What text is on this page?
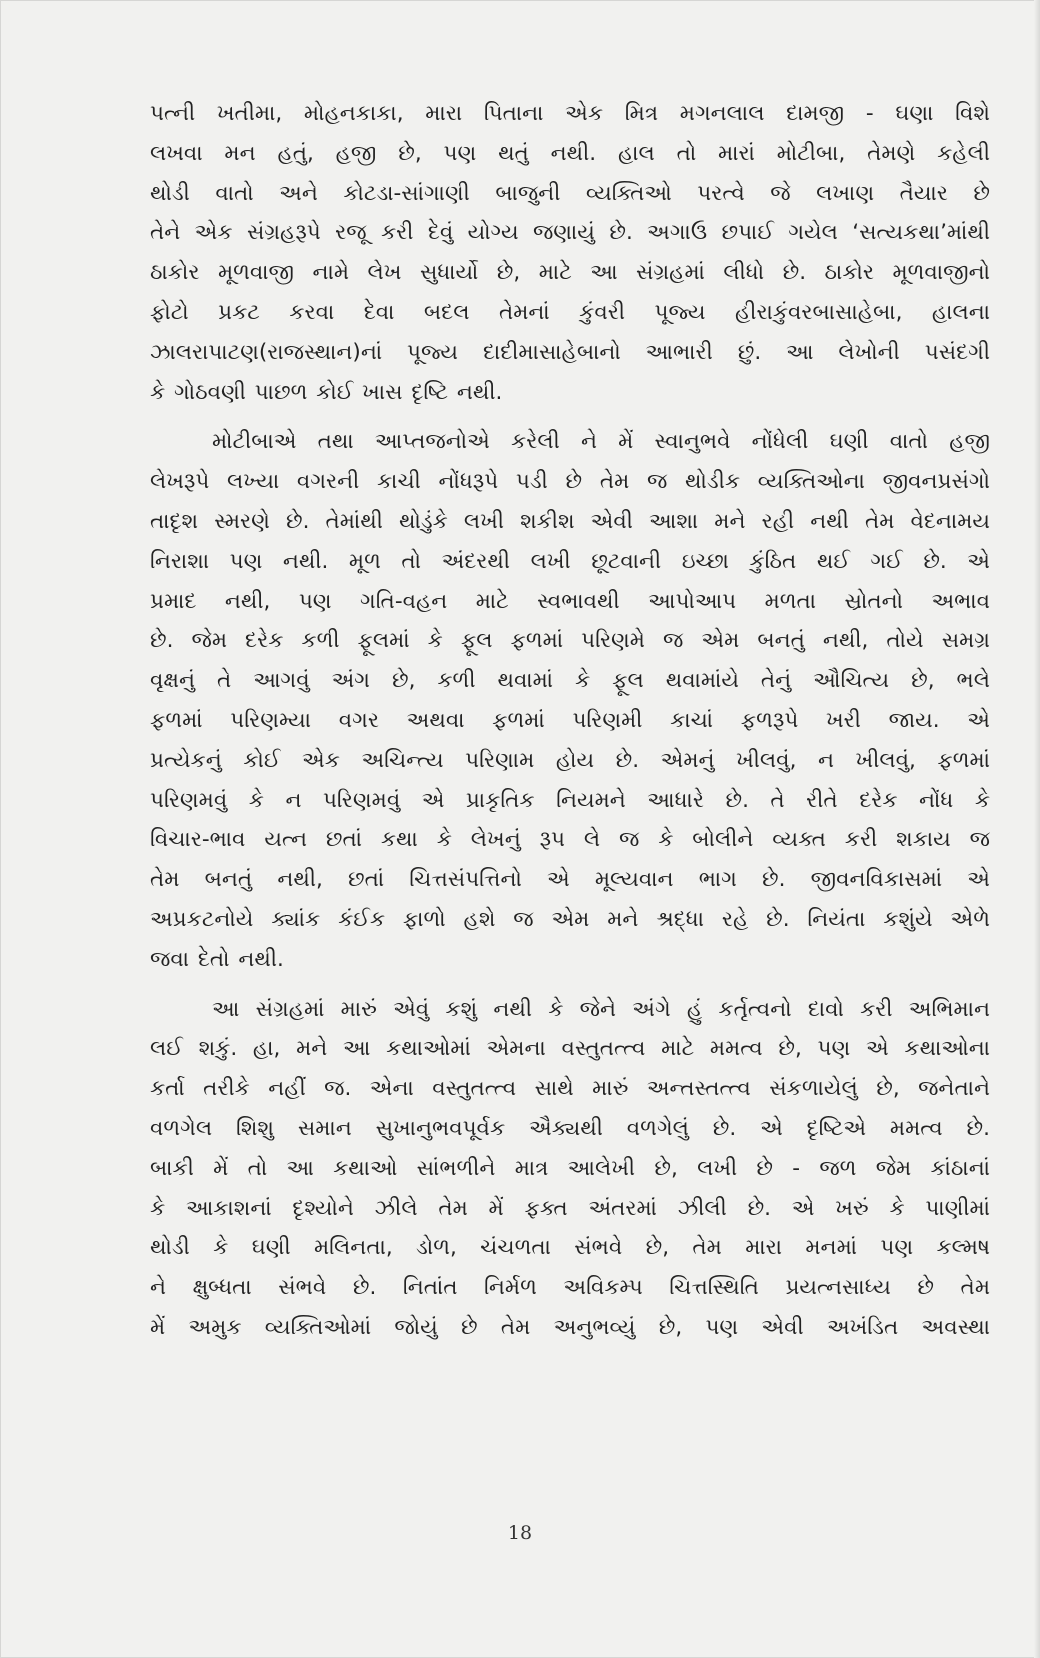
પત્ની ખતીમા, મોહનકાકા, મારા પિતાના એક મિત્ર મગનલાલ દામજી - ઘણા વિશે
લખવા મન હતું, હજી છે, પણ થતું નથી. હાલ તો મારાં મોટીબા, તેમણે કહેલી
થોડી વાતો અને કોટડા-સાંગાણી બાજુની વ્યક્તિઓ પરત્વે જે લખાણ તૈયાર છે
તેને એક સંગ્રહરૂપે રજૂ કરી દેવું યોગ્ય જણાયું છે. અગાઉ છપાઈ ગયેલ ‘સત્યકથા’માંથી
ઠાકોર મૂળવાજી નામે લેખ સુધાર્યો છે, માટે આ સંગ્રહમાં લીધો છે. ઠાકોર મૂળવાજીનો
ફોટો પ્રકટ કરવા દેવા બદલ તેમનાં કુંવરી પૂજ્ય હીરાકુંવરબાસાહેબા, હાલના
ઝાલરાપાટણ(રાજસ્થાન)નાં પૂજ્ય દાદીમાસાહેબાનો આભારી છું. આ લેખોની પસંદગી
કે ગોઠવણી પાછળ કોઈ ખાસ દૃષ્ટિ નથી.
મોટીબાએ તથા આપ્તજનોએ કરેલી ને મેં સ્વાનુભવે નોંધેલી ઘણી વાતો હજી
લેખરૂપે લખ્યા વગરની કાચી નોંધરૂપે પડી છે તેમ જ થોડીક વ્યક્તિઓના જીવનપ્રસંગો
તાદૃશ સ્મરણે છે. તેમાંથી થોડુંકે લખી શકીશ એવી આશા મને રહી નથી તેમ વેદનામય
નિરાશા પણ નથી. મૂળ તો અંદરથી લખી છૂટવાની ઇચ્છા કુંઠિત થઈ ગઈ છે. એ
પ્રમાદ નથી, પણ ગતિ-વહન માટે સ્વભાવથી આપોઆપ મળતા સ્રોતનો અભાવ
છે. જેમ દરેક કળી ફૂલમાં કે ફૂલ ફળમાં પરિણમે જ એમ બનતું નથી, તોયે સમગ્ર
વૃક્ષનું તે આગવું અંગ છે, કળી થવામાં કે ફૂલ થવામાંયે તેનું ઔચિત્ય છે, ભલે
ફળમાં પરિણમ્યા વગર અથવા ફળમાં પરિણમી કાચાં ફળરૂપે ખરી જાય. એ
પ્રત્યેકનું કોઈ એક અચિન્ત્ય પરિણામ હોય છે. એમનું ખીલવું, ન ખીલવું, ફળમાં
પરિણમવું કે ન પરિણમવું એ પ્રાકૃતિક નિયમને આધારે છે. તે રીતે દરેક નોંધ કે
વિચાર-ભાવ યત્ન છતાં કથા કે લેખનું રૂપ લે જ કે બોલીને વ્યક્ત કરી શકાય જ
તેમ બનતું નથી, છતાં ચિત્તસંપત્તિનો એ મૂલ્યવાન ભાગ છે. જીવનવિકાસમાં એ
અપ્રકટનોયે ક્યાંક કંઈક ફાળો હશે જ એમ મને શ્રદ્ધા રહે છે. નિયંતા કશુંયે એળે
જવા દેતો નથી.
આ સંગ્રહમાં મારું એવું કશું નથી કે જેને અંગે હું કર્તૃત્વનો દાવો કરી અભિમાન
લઈ શકું. હા, મને આ કથાઓમાં એમના વસ્તુતત્ત્વ માટે મમત્વ છે, પણ એ કથાઓના
કર્તા તરીકે નહીં જ. એના વસ્તુતત્ત્વ સાથે મારું અન્તસ્તત્ત્વ સંકળાયેલું છે, જનેતાને
વળગેલ શિશુ સમાન સુખાનુભવપૂર્વક ઐક્યથી વળગેલું છે. એ દૃષ્ટિએ મમત્વ છે.
બાકી મેં તો આ કથાઓ સાંભળીને માત્ર આલેખી છે, લખી છે - જળ જેમ કાંઠાનાં
કે આકાશનાં દૃશ્યોને ઝીલે તેમ મેં ફક્ત અંતરમાં ઝીલી છે. એ ખરું કે પાણીમાં
થોડી કે ઘણી મલિનતા, ડોળ, ચંચળતા સંભવે છે, તેમ મારા મનમાં પણ કલ્મષ
ને ક્ષુબ્ધતા સંભવે છે. નિતાંત નિર્મળ અવિકમ્પ ચિત્તસ્થિતિ પ્રયત્નસાધ્ય છે તેમ
મેં અમુક વ્યક્તિઓમાં જોયું છે તેમ અનુભવ્યું છે, પણ એવી અખંડિત અવસ્થા
18
